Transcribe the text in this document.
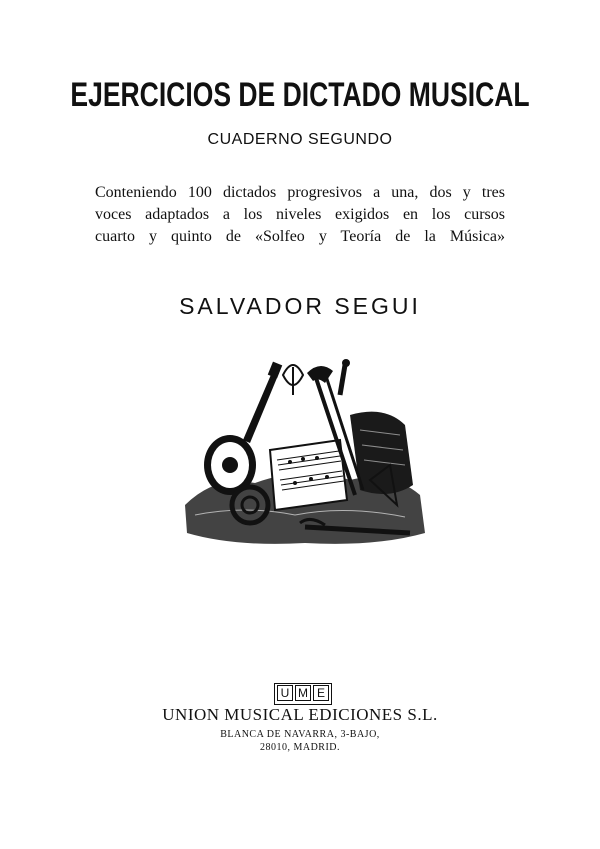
EJERCICIOS DE DICTADO MUSICAL
CUADERNO SEGUNDO
Conteniendo 100 dictados progresivos a una, dos y tres
voces adaptados a los niveles exigidos en los cursos
cuarto y quinto de «Solfeo y Teoría de la Música»
SALVADOR SEGUI
U M E
UNION MUSICAL EDICIONES S.L.
BLANCA DE NAVARRA, 3-BAJO,
28010, MADRID.
